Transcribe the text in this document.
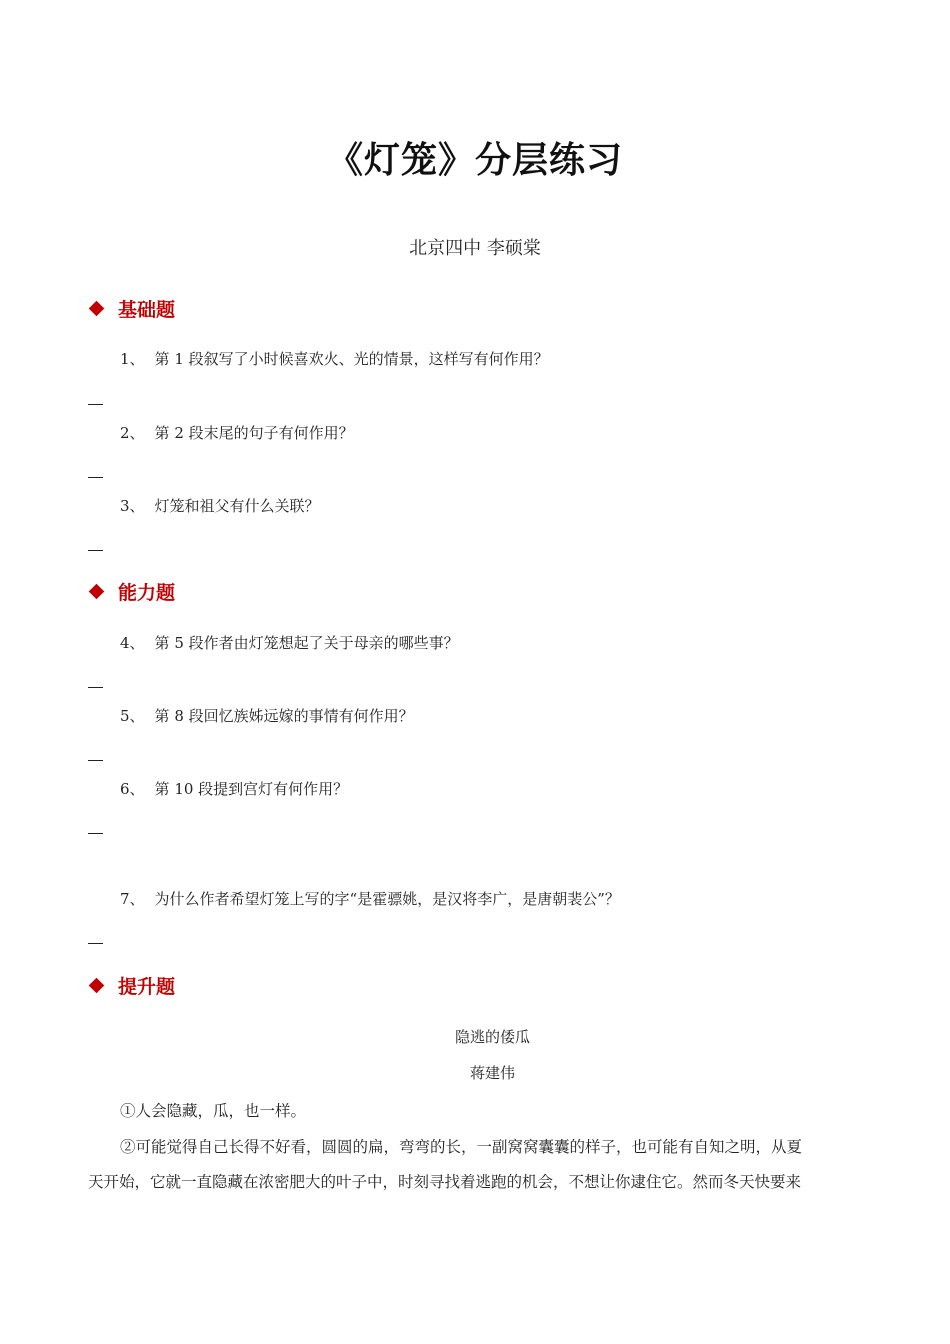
《灯笼》分层练习
北京四中 李硕棠
基础题
1、 第 1 段叙写了小时候喜欢火、光的情景，这样写有何作用？
2、 第 2 段末尾的句子有何作用？
3、 灯笼和祖父有什么关联？
能力题
4、 第 5 段作者由灯笼想起了关于母亲的哪些事？
5、 第 8 段回忆族姊远嫁的事情有何作用？
6、 第 10 段提到宫灯有何作用？
7、 为什么作者希望灯笼上写的字“是霍骠姚，是汉将李广，是唐朝裴公”？
提升题
隐逃的倭瓜
蒋建伟
①人会隐藏，瓜，也一样。
②可能觉得自己长得不好看，圆圆的扁，弯弯的长，一副窝窝囊囊的样子，也可能有自知之明，从夏
天开始，它就一直隐藏在浓密肥大的叶子中，时刻寻找着逃跑的机会，不想让你逮住它。然而冬天快要来
